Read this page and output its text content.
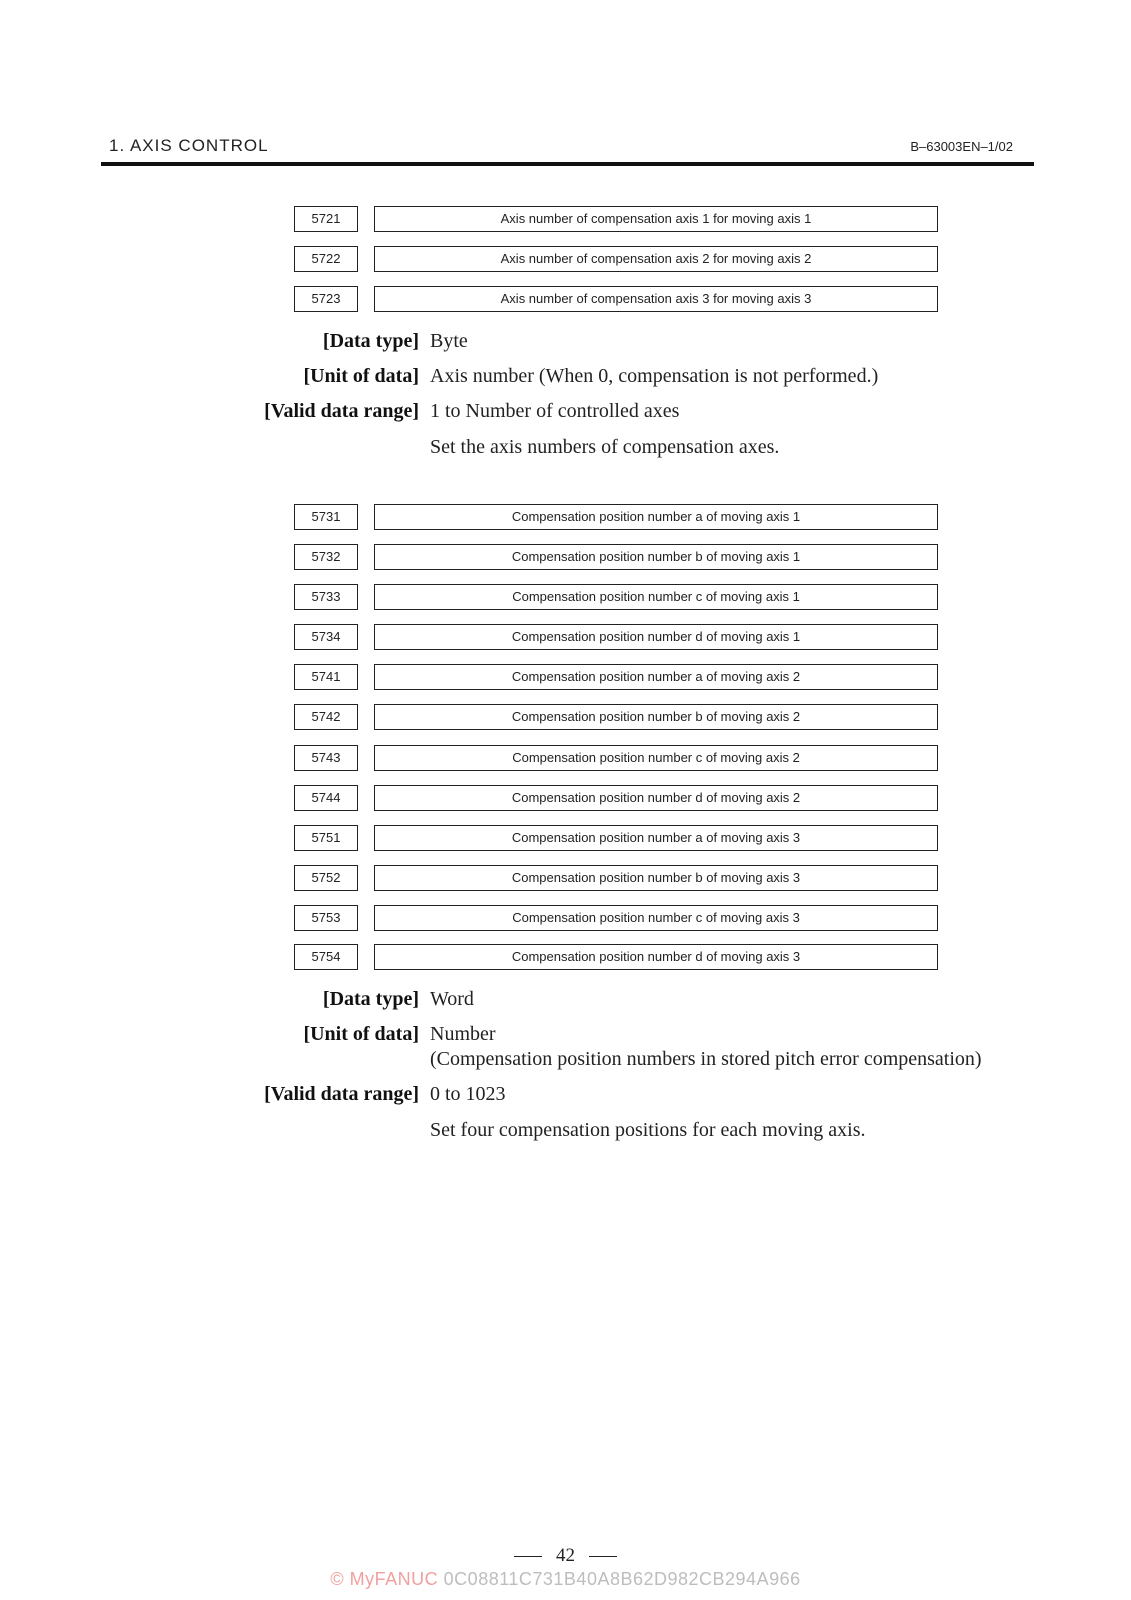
1. AXIS CONTROL	B–63003EN–1/02
5721	Axis number of compensation axis 1 for moving axis 1
5722	Axis number of compensation axis 2 for moving axis 2
5723	Axis number of compensation axis 3 for moving axis 3
[Data type] Byte
[Unit of data] Axis number (When 0, compensation is not performed.)
[Valid data range] 1 to Number of controlled axes
Set the axis numbers of compensation axes.
5731	Compensation position number a of moving axis 1
5732	Compensation position number b of moving axis 1
5733	Compensation position number c of moving axis 1
5734	Compensation position number d of moving axis 1
5741	Compensation position number a of moving axis 2
5742	Compensation position number b of moving axis 2
5743	Compensation position number c of moving axis 2
5744	Compensation position number d of moving axis 2
5751	Compensation position number a of moving axis 3
5752	Compensation position number b of moving axis 3
5753	Compensation position number c of moving axis 3
5754	Compensation position number d of moving axis 3
[Data type] Word
[Unit of data] Number
(Compensation position numbers in stored pitch error compensation)
[Valid data range] 0 to 1023
Set four compensation positions for each moving axis.
42
© MyFANUC 0C08811C731B40A8B62D982CB294A966
